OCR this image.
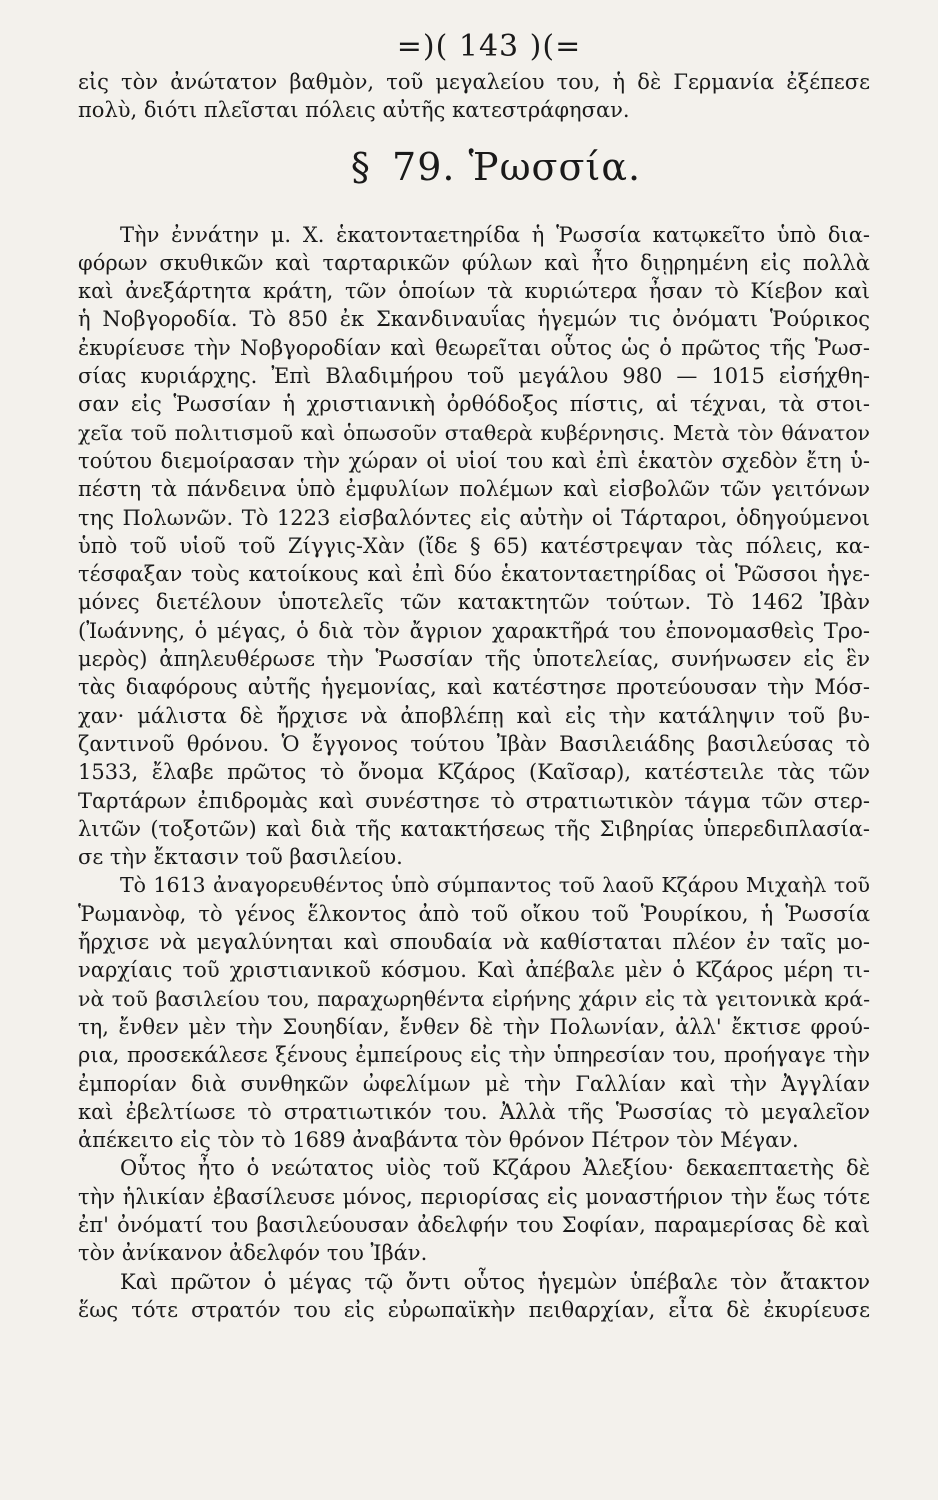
=)( 143 )(=
εἰς τὸν ἀνώτατον βαθμὸν, τοῦ μεγαλείου του, ἡ δὲ Γερμανία ἐξέπεσε
πολὺ, διότι πλεῖσται πόλεις αὐτῆς κατεστράφησαν.
§ 79. Ῥωσσία.
Τὴν ἐννάτην μ. Χ. ἑκατονταετηρίδα ἡ Ῥωσσία κατῳκεῖτο ὑπὸ δια-
φόρων σκυθικῶν καὶ ταρταρικῶν φύλων καὶ ἦτο διῃρημένη εἰς πολλὰ
καὶ ἀνεξάρτητα κράτη, τῶν ὁποίων τὰ κυριώτερα ἦσαν τὸ Κίεβον καὶ
ἡ Νοβγοροδία. Τὸ 850 ἐκ Σκανδιναυΐας ἡγεμών τις ὀνόματι Ῥούρικος
ἐκυρίευσε τὴν Νοβγοροδίαν καὶ θεωρεῖται οὗτος ὡς ὁ πρῶτος τῆς Ῥωσ-
σίας κυριάρχης. Ἐπὶ Βλαδιμήρου τοῦ μεγάλου 980 — 1015 εἰσήχθη-
σαν εἰς Ῥωσσίαν ἡ χριστιανικὴ ὀρθόδοξος πίστις, αἱ τέχναι, τὰ στοι-
χεῖα τοῦ πολιτισμοῦ καὶ ὁπωσοῦν σταθερὰ κυβέρνησις. Μετὰ τὸν θάνατον
τούτου διεμοίρασαν τὴν χώραν οἱ υἱοί του καὶ ἐπὶ ἑκατὸν σχεδὸν ἔτη ὑ-
πέστη τὰ πάνδεινα ὑπὸ ἐμφυλίων πολέμων καὶ εἰσβολῶν τῶν γειτόνων
της Πολωνῶν. Τὸ 1223 εἰσβαλόντες εἰς αὐτὴν οἱ Τάρταροι, ὁδηγούμενοι
ὑπὸ τοῦ υἱοῦ τοῦ Ζίγγις-Χὰν (ἴδε § 65) κατέστρεψαν τὰς πόλεις, κα-
τέσφαξαν τοὺς κατοίκους καὶ ἐπὶ δύο ἑκατονταετηρίδας οἱ Ῥῶσσοι ἡγε-
μόνες διετέλουν ὑποτελεῖς τῶν κατακτητῶν τούτων. Τὸ 1462 Ἰβὰν
(Ἰωάννης, ὁ μέγας, ὁ διὰ τὸν ἄγριον χαρακτῆρά του ἐπονομασθεὶς Τρο-
μερὸς) ἀπηλευθέρωσε τὴν Ῥωσσίαν τῆς ὑποτελείας, συνήνωσεν εἰς ἓν
τὰς διαφόρους αὐτῆς ἡγεμονίας, καὶ κατέστησε προτεύουσαν τὴν Μόσ-
χαν· μάλιστα δὲ ἤρχισε νὰ ἀποβλέπῃ καὶ εἰς τὴν κατάληψιν τοῦ βυ-
ζαντινοῦ θρόνου. Ὁ ἔγγονος τούτου Ἰβὰν Βασιλειάδης βασιλεύσας τὸ
1533, ἔλαβε πρῶτος τὸ ὄνομα Κζάρος (Καῖσαρ), κατέστειλε τὰς τῶν
Ταρτάρων ἐπιδρομὰς καὶ συνέστησε τὸ στρατιωτικὸν τάγμα τῶν στερ-
λιτῶν (τοξοτῶν) καὶ διὰ τῆς κατακτήσεως τῆς Σιβηρίας ὑπερεδιπλασία-
σε τὴν ἔκτασιν τοῦ βασιλείου.
Τὸ 1613 ἀναγορευθέντος ὑπὸ σύμπαντος τοῦ λαοῦ Κζάρου Μιχαὴλ τοῦ
Ῥωμανὸφ, τὸ γένος ἕλκοντος ἀπὸ τοῦ οἴκου τοῦ Ῥουρίκου, ἡ Ῥωσσία
ἤρχισε νὰ μεγαλύνηται καὶ σπουδαία νὰ καθίσταται πλέον ἐν ταῖς μο-
ναρχίαις τοῦ χριστιανικοῦ κόσμου. Καὶ ἀπέβαλε μὲν ὁ Κζάρος μέρη τι-
νὰ τοῦ βασιλείου του, παραχωρηθέντα εἰρήνης χάριν εἰς τὰ γειτονικὰ κρά-
τη, ἔνθεν μὲν τὴν Σουηδίαν, ἔνθεν δὲ τὴν Πολωνίαν, ἀλλ' ἔκτισε φρού-
ρια, προσεκάλεσε ξένους ἐμπείρους εἰς τὴν ὑπηρεσίαν του, προήγαγε τὴν
ἐμπορίαν διὰ συνθηκῶν ὠφελίμων μὲ τὴν Γαλλίαν καὶ τὴν Ἀγγλίαν
καὶ ἐβελτίωσε τὸ στρατιωτικόν του. Ἀλλὰ τῆς Ῥωσσίας τὸ μεγαλεῖον
ἀπέκειτο εἰς τὸν τὸ 1689 ἀναβάντα τὸν θρόνον Πέτρον τὸν Μέγαν.
Οὗτος ἦτο ὁ νεώτατος υἱὸς τοῦ Κζάρου Ἀλεξίου· δεκαεπταετὴς δὲ
τὴν ἡλικίαν ἐβασίλευσε μόνος, περιορίσας εἰς μοναστήριον τὴν ἕως τότε
ἐπ' ὀνόματί του βασιλεύουσαν ἀδελφήν του Σοφίαν, παραμερίσας δὲ καὶ
τὸν ἀνίκανον ἀδελφόν του Ἰβάν.
Καὶ πρῶτον ὁ μέγας τῷ ὄντι οὗτος ἡγεμὼν ὑπέβαλε τὸν ἄτακτον
ἕως τότε στρατόν του εἰς εὐρωπαϊκὴν πειθαρχίαν, εἶτα δὲ ἐκυρίευσε
